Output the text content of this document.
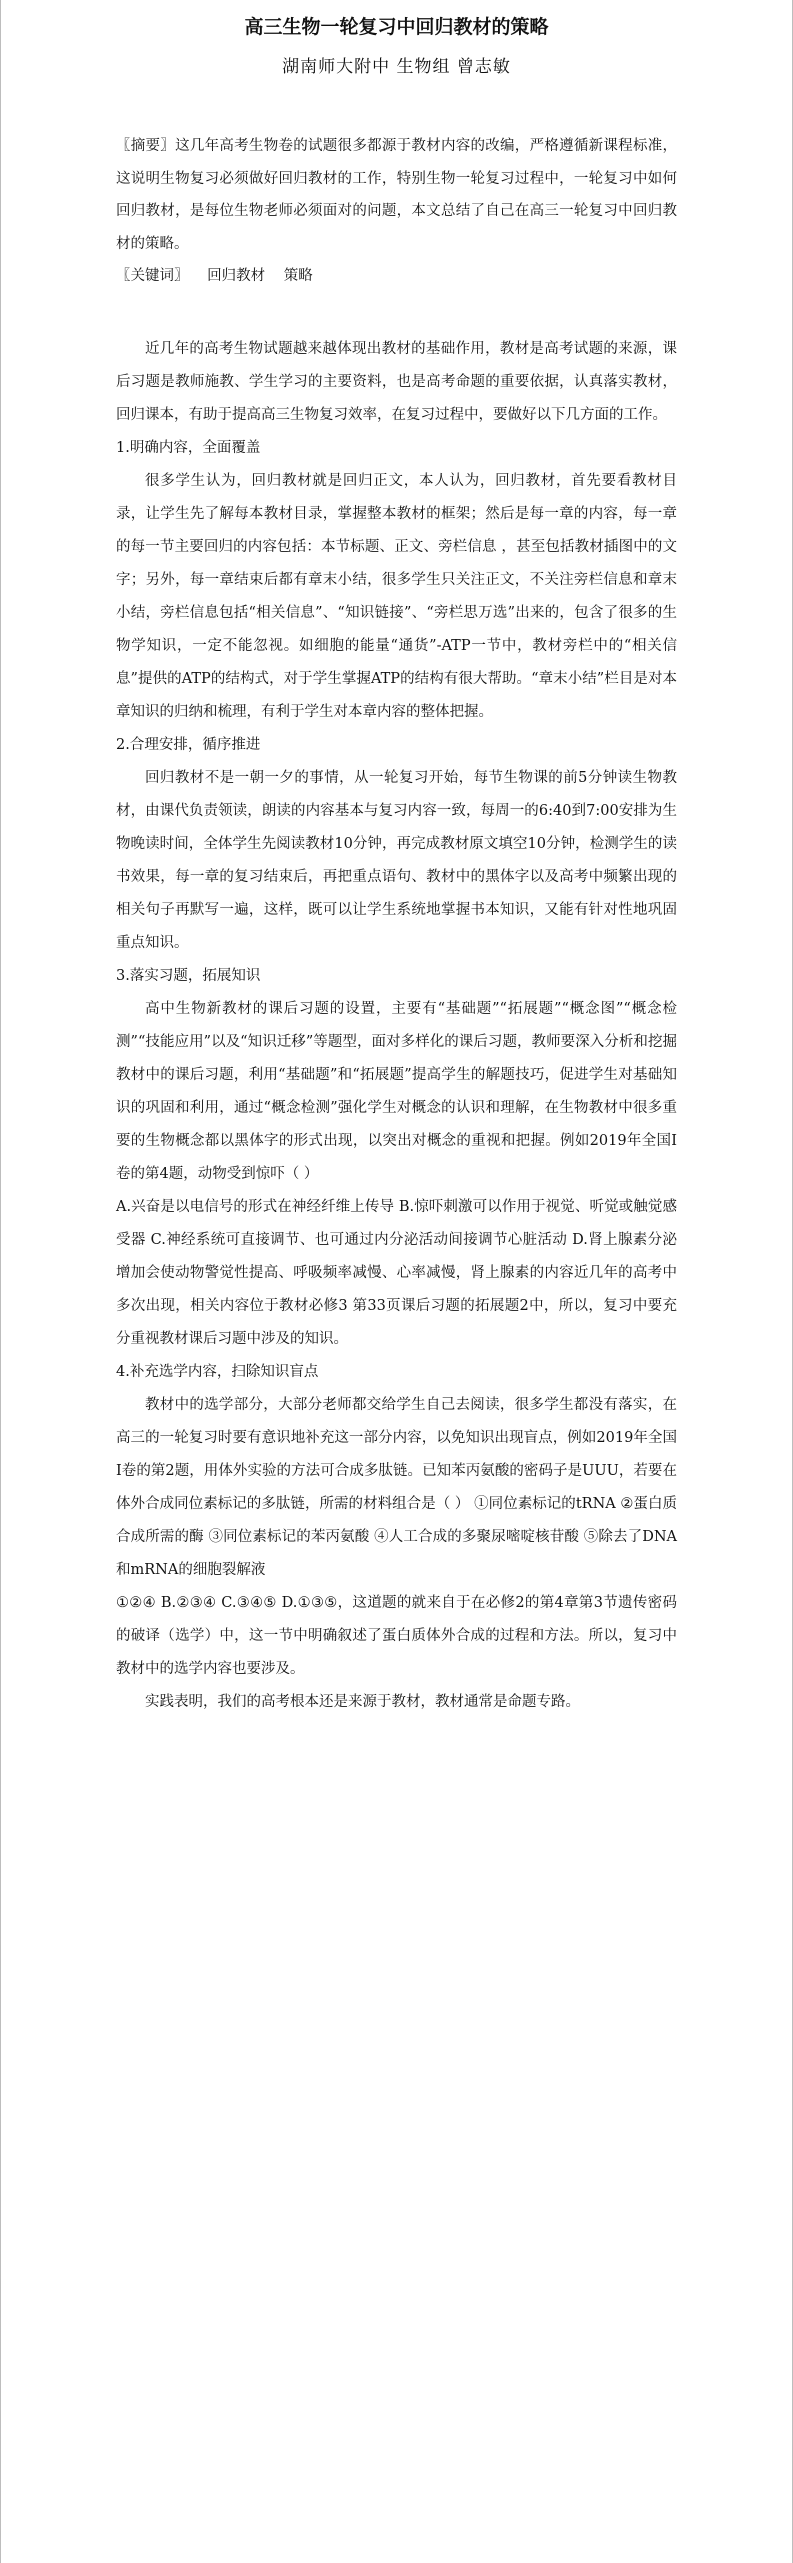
高三生物一轮复习中回归教材的策略
湖南师大附中 生物组 曾志敏

〖摘要〗这几年高考生物卷的试题很多都源于教材内容的改编，严格遵循新课程标准，这说明生物复习必须做好回归教材的工作，特别生物一轮复习过程中，一轮复习中如何回归教材，是每位生物老师必须面对的问题，本文总结了自己在高三一轮复习中回归教材的策略。

〖关键词〗 回归教材 策略

近几年的高考生物试题越来越体现出教材的基础作用，教材是高考试题的来源，课后习题是教师施教、学生学习的主要资料，也是高考命题的重要依据，认真落实教材，回归课本，有助于提高高三生物复习效率，在复习过程中，要做好以下几方面的工作。

1.明确内容，全面覆盖

很多学生认为，回归教材就是回归正文，本人认为，回归教材，首先要看教材目录，让学生先了解每本教材目录，掌握整本教材的框架；然后是每一章的内容，每一章的每一节主要回归的内容包括：本节标题、正文、旁栏信息 ，甚至包括教材插图中的文字；另外，每一章结束后都有章末小结，很多学生只关注正文，不关注旁栏信息和章末小结，旁栏信息包括“相关信息”、“知识链接”、“旁栏思万选”出来的，包含了很多的生物学知识，一定不能忽视。如细胞的能量“通货”-ATP一节中，教材旁栏中的“相关信息”提供的ATP的结构式，对于学生掌握ATP的结构有很大帮助。“章末小结”栏目是对本章知识的归纳和梳理，有利于学生对本章内容的整体把握。

2.合理安排，循序推进

回归教材不是一朝一夕的事情，从一轮复习开始，每节生物课的前5分钟读生物教材，由课代负责领读，朗读的内容基本与复习内容一致，每周一的6:40到7:00安排为生物晚读时间，全体学生先阅读教材10分钟，再完成教材原文填空10分钟，检测学生的读书效果，每一章的复习结束后，再把重点语句、教材中的黑体字以及高考中频繁出现的相关句子再默写一遍，这样，既可以让学生系统地掌握书本知识，又能有针对性地巩固重点知识。

3.落实习题，拓展知识

高中生物新教材的课后习题的设置，主要有“基础题”“拓展题”“概念图”“概念检测”“技能应用”以及“知识迁移”等题型，面对多样化的课后习题，教师要深入分析和挖掘教材中的课后习题，利用“基础题”和“拓展题”提高学生的解题技巧，促进学生对基础知识的巩固和利用，通过“概念检测”强化学生对概念的认识和理解，在生物教材中很多重要的生物概念都以黑体字的形式出现，以突出对概念的重视和把握。例如2019年全国Ⅰ卷的第4题，动物受到惊吓（ ）

A.兴奋是以电信号的形式在神经纤维上传导 B.惊吓刺激可以作用于视觉、听觉或触觉感受器 C.神经系统可直接调节、也可通过内分泌活动间接调节心脏活动 D.肾上腺素分泌增加会使动物警觉性提高、呼吸频率减慢、心率减慢，肾上腺素的内容近几年的高考中多次出现，相关内容位于教材必修3 第33页课后习题的拓展题2中，所以，复习中要充分重视教材课后习题中涉及的知识。

4.补充选学内容，扫除知识盲点

教材中的选学部分，大部分老师都交给学生自己去阅读，很多学生都没有落实，在高三的一轮复习时要有意识地补充这一部分内容，以免知识出现盲点，例如2019年全国Ⅰ卷的第2题，用体外实验的方法可合成多肽链。已知苯丙氨酸的密码子是UUU，若要在体外合成同位素标记的多肽链，所需的材料组合是（ ） ①同位素标记的tRNA ②蛋白质合成所需的酶 ③同位素标记的苯丙氨酸 ④人工合成的多聚尿嘧啶核苷酸 ⑤除去了DNA和mRNA的细胞裂解液

①②④ B.②③④ C.③④⑤ D.①③⑤，这道题的就来自于在必修2的第4章第3节遗传密码的破译（选学）中，这一节中明确叙述了蛋白质体外合成的过程和方法。所以，复习中教材中的选学内容也要涉及。

实践表明，我们的高考根本还是来源于教材，教材通常是命题专路。
